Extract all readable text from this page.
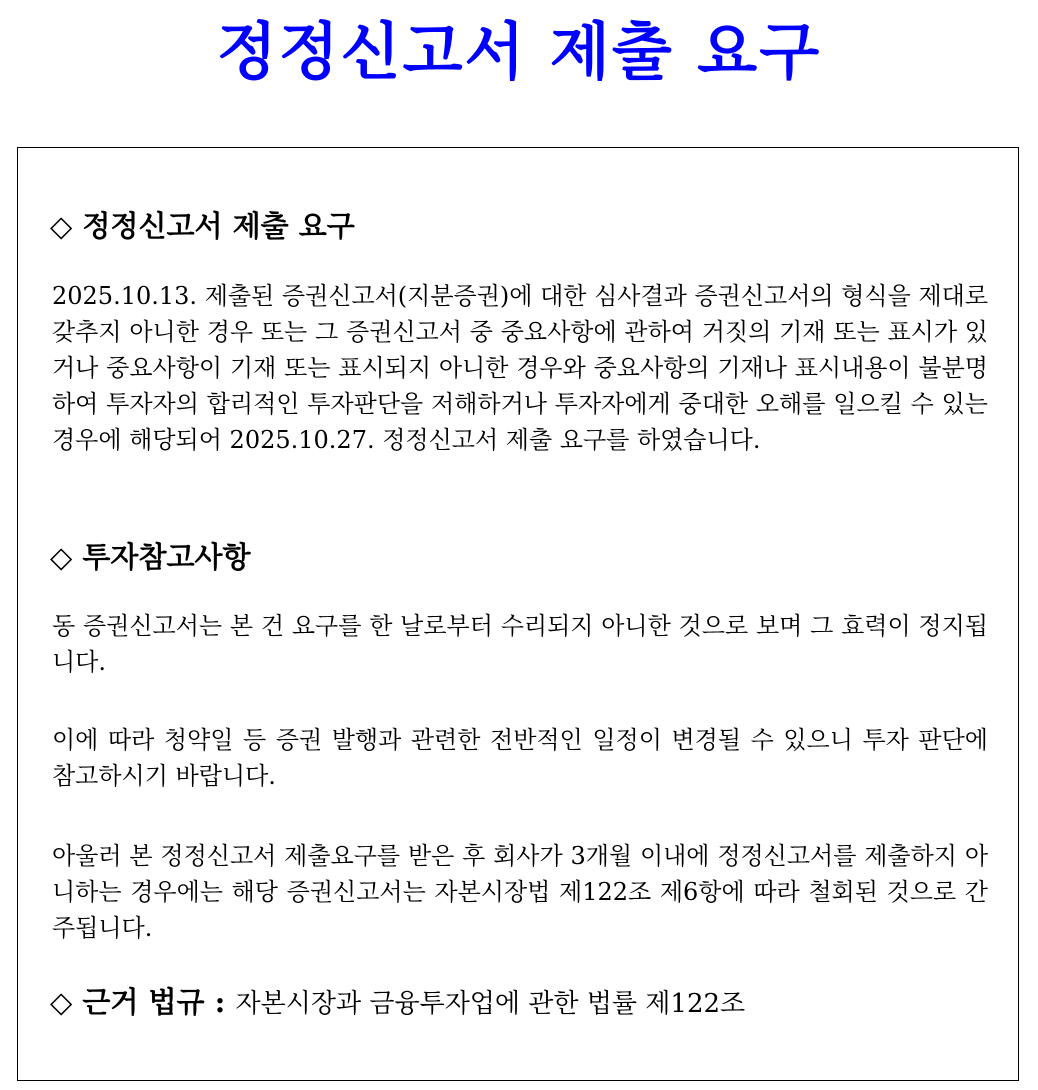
정정신고서 제출 요구
◇ 정정신고서 제출 요구

2025.10.13. 제출된 증권신고서(지분증권)에 대한 심사결과 증권신고서의 형식을 제대로 갖추지 아니한 경우 또는 그 증권신고서 중 중요사항에 관하여 거짓의 기재 또는 표시가 있거나 중요사항이 기재 또는 표시되지 아니한 경우와 중요사항의 기재나 표시내용이 불분명하여 투자자의 합리적인 투자판단을 저해하거나 투자자에게 중대한 오해를 일으킬 수 있는 경우에 해당되어 2025.10.27. 정정신고서 제출 요구를 하였습니다.

◇ 투자참고사항

동 증권신고서는 본 건 요구를 한 날로부터 수리되지 아니한 것으로 보며 그 효력이 정지됩니다.

이에 따라 청약일 등 증권 발행과 관련한 전반적인 일정이 변경될 수 있으니 투자 판단에 참고하시기 바랍니다.

아울러 본 정정신고서 제출요구를 받은 후 회사가 3개월 이내에 정정신고서를 제출하지 아니하는 경우에는 해당 증권신고서는 자본시장법 제122조 제6항에 따라 철회된 것으로 간주됩니다.

◇ 근거 법규 : 자본시장과 금융투자업에 관한 법률 제122조
